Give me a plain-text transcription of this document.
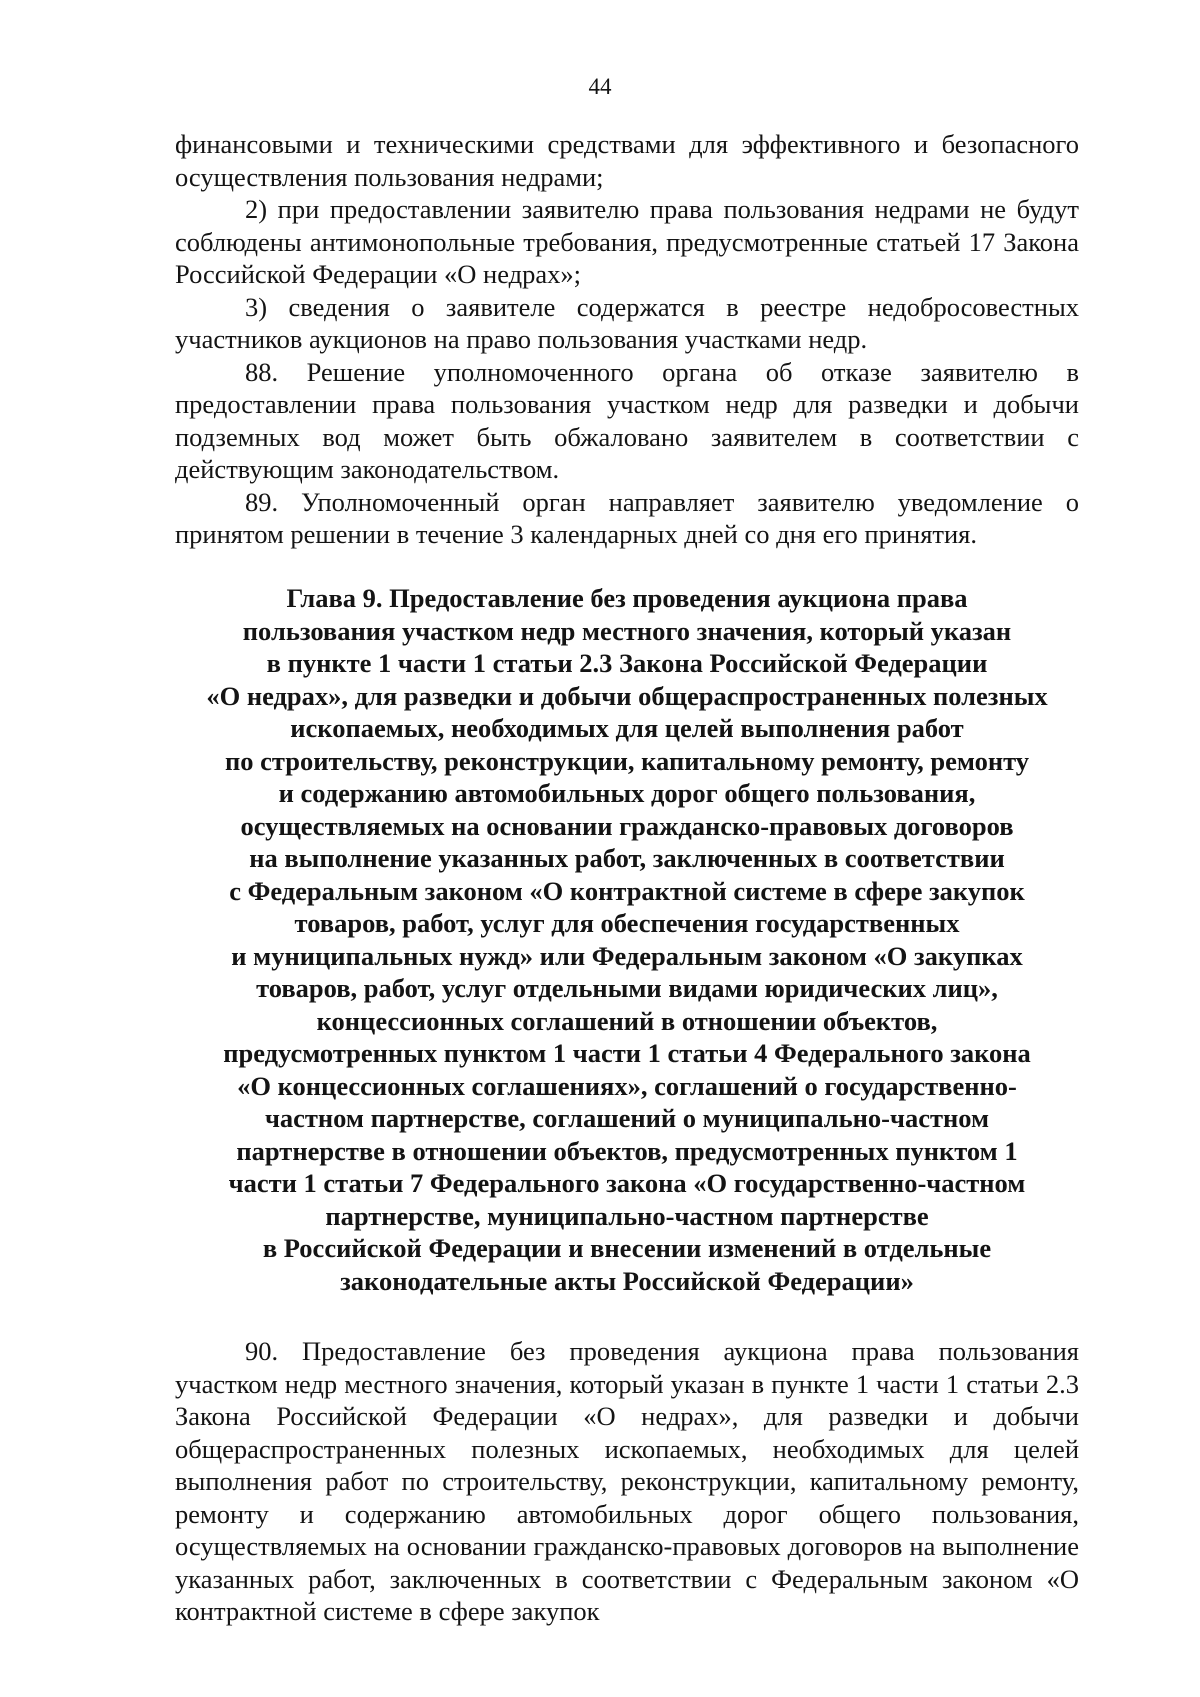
44

финансовыми и техническими средствами для эффективного и безопасного осуществления пользования недрами;

2) при предоставлении заявителю права пользования недрами не будут соблюдены антимонопольные требования, предусмотренные статьей 17 Закона Российской Федерации «О недрах»;

3) сведения о заявителе содержатся в реестре недобросовестных участников аукционов на право пользования участками недр.

88. Решение уполномоченного органа об отказе заявителю в предоставлении права пользования участком недр для разведки и добычи подземных вод может быть обжаловано заявителем в соответствии с действующим законодательством.

89. Уполномоченный орган направляет заявителю уведомление о принятом решении в течение 3 календарных дней со дня его принятия.

Глава 9. Предоставление без проведения аукциона права
пользования участком недр местного значения, который указан
в пункте 1 части 1 статьи 2.3 Закона Российской Федерации
«О недрах», для разведки и добычи общераспространенных полезных
ископаемых, необходимых для целей выполнения работ
по строительству, реконструкции, капитальному ремонту, ремонту
и содержанию автомобильных дорог общего пользования,
осуществляемых на основании гражданско-правовых договоров
на выполнение указанных работ, заключенных в соответствии
с Федеральным законом «О контрактной системе в сфере закупок
товаров, работ, услуг для обеспечения государственных
и муниципальных нужд» или Федеральным законом «О закупках
товаров, работ, услуг отдельными видами юридических лиц»,
концессионных соглашений в отношении объектов,
предусмотренных пунктом 1 части 1 статьи 4 Федерального закона
«О концессионных соглашениях», соглашений о государственно-
частном партнерстве, соглашений о муниципально-частном
партнерстве в отношении объектов, предусмотренных пунктом 1
части 1 статьи 7 Федерального закона «О государственно-частном
партнерстве, муниципально-частном партнерстве
в Российской Федерации и внесении изменений в отдельные
законодательные акты Российской Федерации»

90. Предоставление без проведения аукциона права пользования участком недр местного значения, который указан в пункте 1 части 1 статьи 2.3 Закона Российской Федерации «О недрах», для разведки и добычи общераспространенных полезных ископаемых, необходимых для целей выполнения работ по строительству, реконструкции, капитальному ремонту, ремонту и содержанию автомобильных дорог общего пользования, осуществляемых на основании гражданско-правовых договоров на выполнение указанных работ, заключенных в соответствии с Федеральным законом «О контрактной системе в сфере закупок
